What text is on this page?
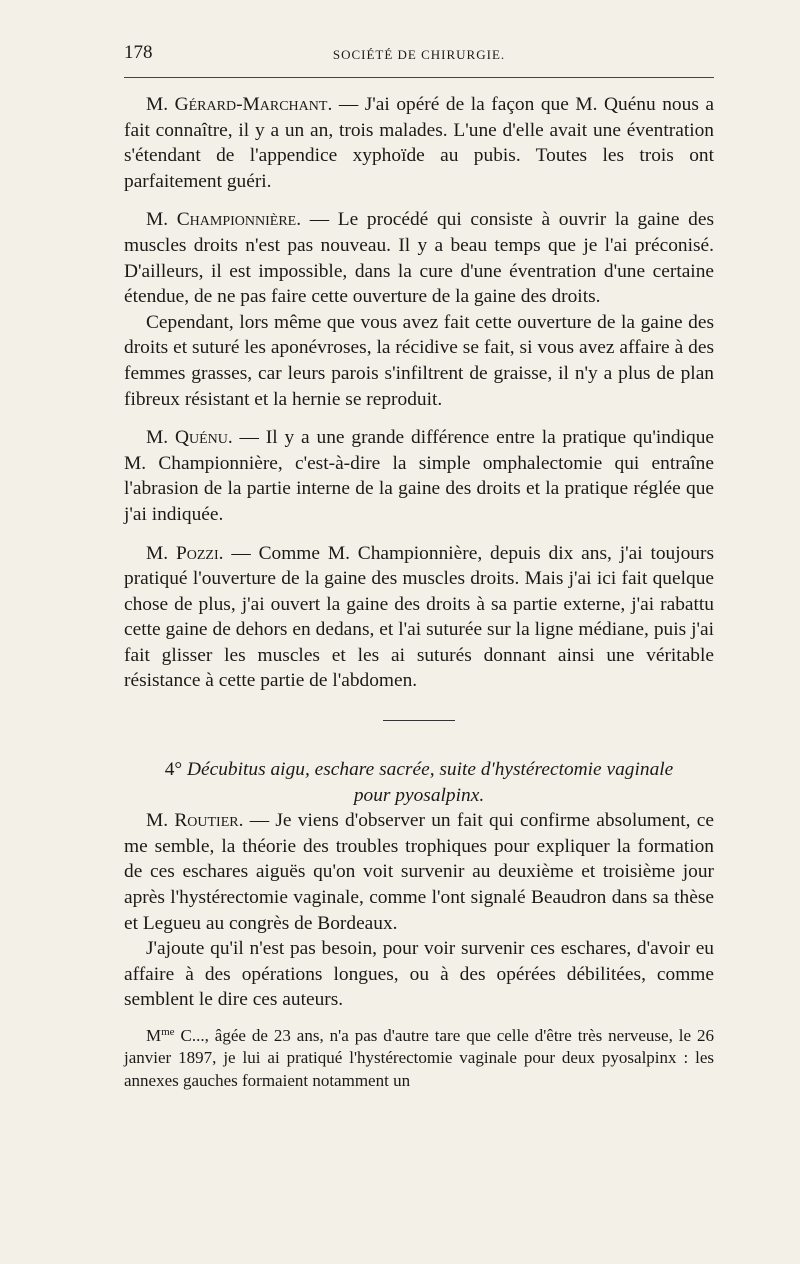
178	SOCIÉTÉ DE CHIRURGIE.

M. Gérard-Marchant. — J'ai opéré de la façon que M. Quénu nous a fait connaître, il y a un an, trois malades. L'une d'elle avait une éventration s'étendant de l'appendice xyphoïde au pubis. Toutes les trois ont parfaitement guéri.

M. Championnière. — Le procédé qui consiste à ouvrir la gaine des muscles droits n'est pas nouveau. Il y a beau temps que je l'ai préconisé. D'ailleurs, il est impossible, dans la cure d'une éventration d'une certaine étendue, de ne pas faire cette ouverture de la gaine des droits.

Cependant, lors même que vous avez fait cette ouverture de la gaine des droits et suturé les aponévroses, la récidive se fait, si vous avez affaire à des femmes grasses, car leurs parois s'infiltrent de graisse, il n'y a plus de plan fibreux résistant et la hernie se reproduit.

M. Quénu. — Il y a une grande différence entre la pratique qu'indique M. Championnière, c'est-à-dire la simple omphalectomie qui entraîne l'abrasion de la partie interne de la gaine des droits et la pratique réglée que j'ai indiquée.

M. Pozzi. — Comme M. Championnière, depuis dix ans, j'ai toujours pratiqué l'ouverture de la gaine des muscles droits. Mais j'ai ici fait quelque chose de plus, j'ai ouvert la gaine des droits à sa partie externe, j'ai rabattu cette gaine de dehors en dedans, et l'ai suturée sur la ligne médiane, puis j'ai fait glisser les muscles et les ai suturés donnant ainsi une véritable résistance à cette partie de l'abdomen.

4° Décubitus aigu, eschare sacrée, suite d'hystérectomie vaginale

pour pyosalpinx.

M. Routier. — Je viens d'observer un fait qui confirme absolument, ce me semble, la théorie des troubles trophiques pour expliquer la formation de ces eschares aiguës qu'on voit survenir au deuxième et troisième jour après l'hystérectomie vaginale, comme l'ont signalé Beaudron dans sa thèse et Legueu au congrès de Bordeaux.

J'ajoute qu'il n'est pas besoin, pour voir survenir ces eschares, d'avoir eu affaire à des opérations longues, ou à des opérées débilitées, comme semblent le dire ces auteurs.

$M^{me}$ C..., âgée de 23 ans, n'a pas d'autre tare que celle d'être très nerveuse, le 26 janvier 1897, je lui ai pratiqué l'hystérectomie vaginale pour deux pyosalpinx : les annexes gauches formaient notamment un
